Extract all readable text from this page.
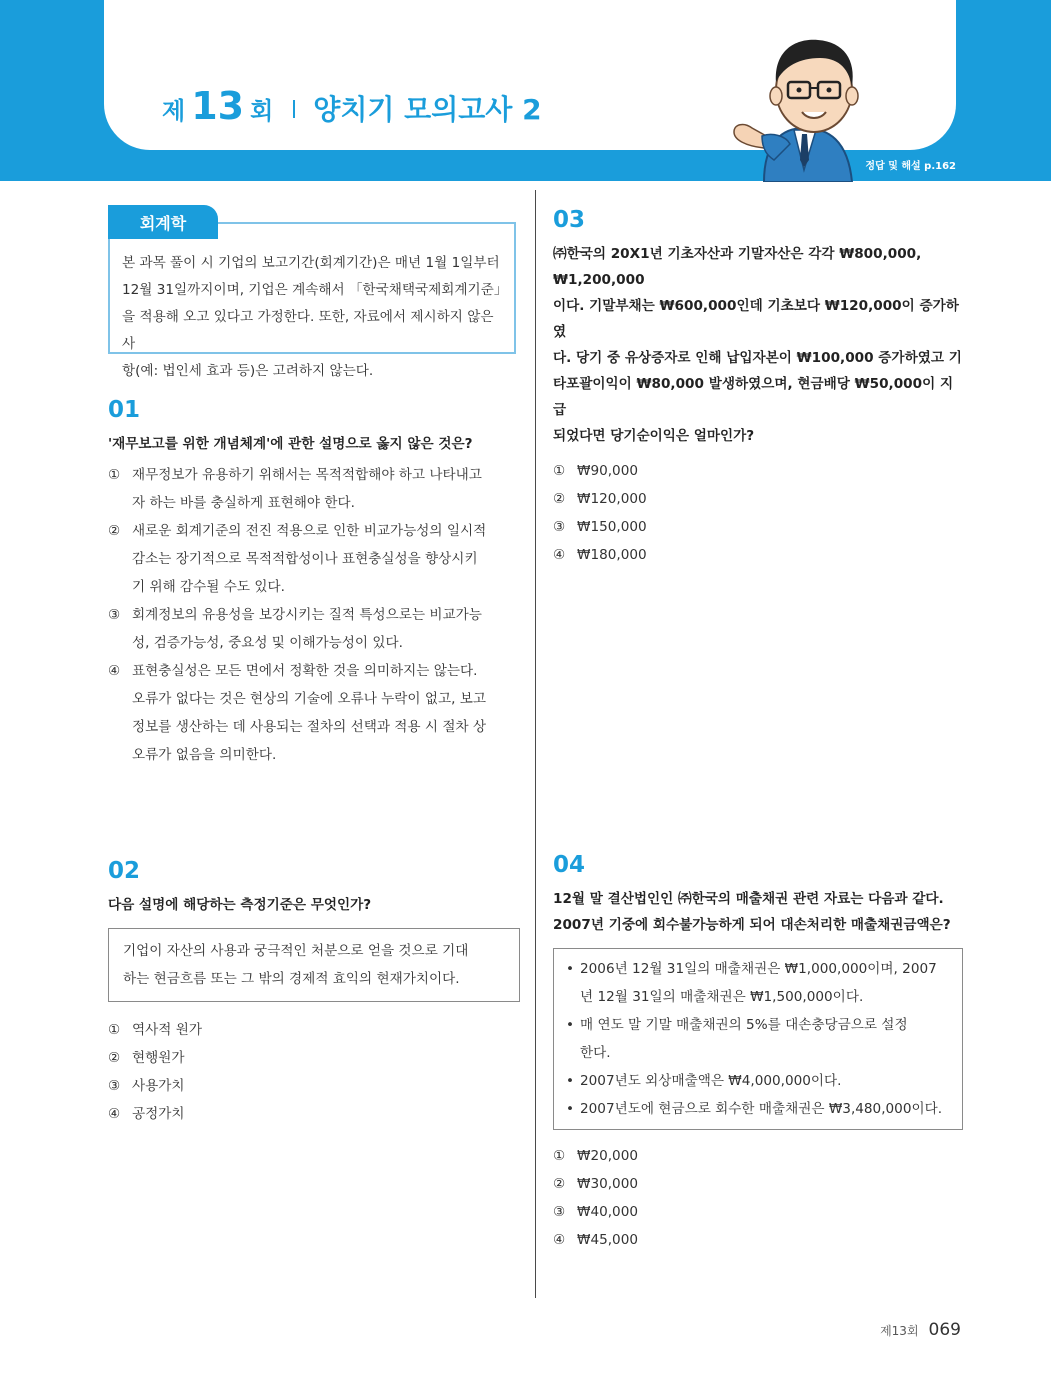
제 13 회 양치기 모의고사 2
정답 및 해설 p.162
회계학
본 과목 풀이 시 기업의 보고기간(회계기간)은 매년 1월 1일부터
12월 31일까지이며, 기업은 계속해서 「한국채택국제회계기준」
을 적용해 오고 있다고 가정한다. 또한, 자료에서 제시하지 않은 사
항(예: 법인세 효과 등)은 고려하지 않는다.
01
'재무보고를 위한 개념체계'에 관한 설명으로 옳지 않은 것은?
① 재무정보가 유용하기 위해서는 목적적합해야 하고 나타내고
자 하는 바를 충실하게 표현해야 한다.
② 새로운 회계기준의 전진 적용으로 인한 비교가능성의 일시적
감소는 장기적으로 목적적합성이나 표현충실성을 향상시키
기 위해 감수될 수도 있다.
③ 회계정보의 유용성을 보강시키는 질적 특성으로는 비교가능
성, 검증가능성, 중요성 및 이해가능성이 있다.
④ 표현충실성은 모든 면에서 정확한 것을 의미하지는 않는다.
오류가 없다는 것은 현상의 기술에 오류나 누락이 없고, 보고
정보를 생산하는 데 사용되는 절차의 선택과 적용 시 절차 상
오류가 없음을 의미한다.
02
다음 설명에 해당하는 측정기준은 무엇인가?
기업이 자산의 사용과 궁극적인 처분으로 얻을 것으로 기대
하는 현금흐름 또는 그 밖의 경제적 효익의 현재가치이다.
① 역사적 원가
② 현행원가
③ 사용가치
④ 공정가치
03
㈜한국의 20X1년 기초자산과 기말자산은 각각 ₩800,000, ₩1,200,000
이다. 기말부채는 ₩600,000인데 기초보다 ₩120,000이 증가하였
다. 당기 중 유상증자로 인해 납입자본이 ₩100,000 증가하였고 기
타포괄이익이 ₩80,000 발생하였으며, 현금배당 ₩50,000이 지급
되었다면 당기순이익은 얼마인가?
① ₩90,000
② ₩120,000
③ ₩150,000
④ ₩180,000
04
12월 말 결산법인인 ㈜한국의 매출채권 관련 자료는 다음과 같다.
2007년 기중에 회수불가능하게 되어 대손처리한 매출채권금액은?
• 2006년 12월 31일의 매출채권은 ₩1,000,000이며, 2007
년 12월 31일의 매출채권은 ₩1,500,000이다.
• 매 연도 말 기말 매출채권의 5%를 대손충당금으로 설정
한다.
• 2007년도 외상매출액은 ₩4,000,000이다.
• 2007년도에 현금으로 회수한 매출채권은 ₩3,480,000이다.
① ₩20,000
② ₩30,000
③ ₩40,000
④ ₩45,000
제13회 069
